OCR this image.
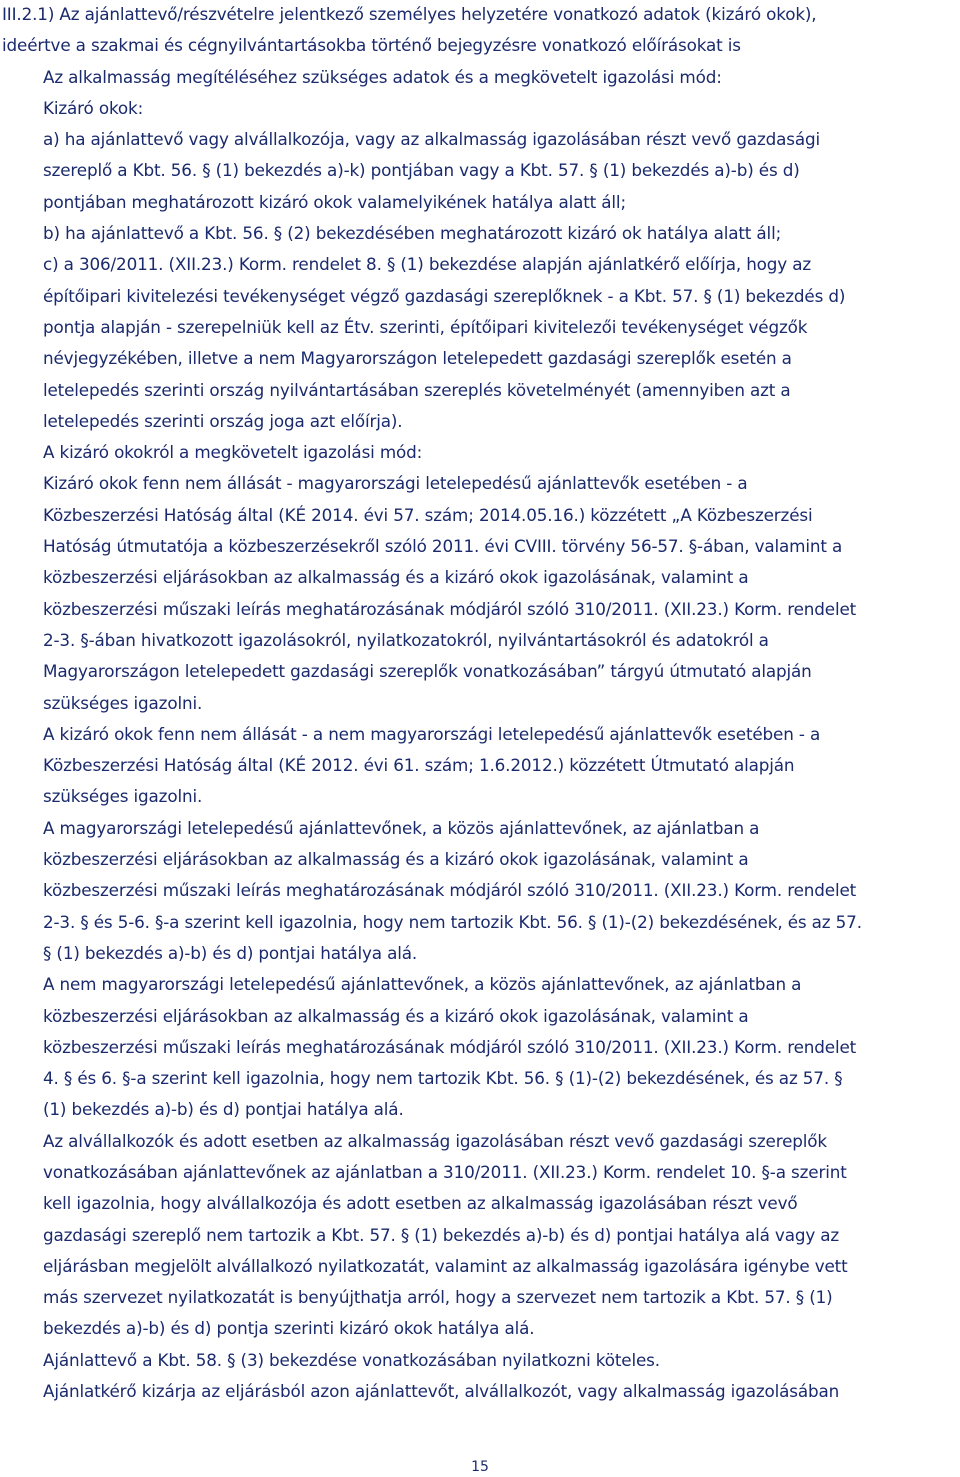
III.2.1) Az ajánlattevő/részvételre jelentkező személyes helyzetére vonatkozó adatok (kizáró okok),

ideértve a szakmai és cégnyilvántartásokba történő bejegyzésre vonatkozó előírásokat is

Az alkalmasság megítéléséhez szükséges adatok és a megkövetelt igazolási mód:

Kizáró okok:

a) ha ajánlattevő vagy alvállalkozója, vagy az alkalmasság igazolásában részt vevő gazdasági

szereplő a Kbt. 56. § (1) bekezdés a)-k) pontjában vagy a Kbt. 57. § (1) bekezdés a)-b) és d)

pontjában meghatározott kizáró okok valamelyikének hatálya alatt áll;

b) ha ajánlattevő a Kbt. 56. § (2) bekezdésében meghatározott kizáró ok hatálya alatt áll;

c) a 306/2011. (XII.23.) Korm. rendelet 8. § (1) bekezdése alapján ajánlatkérő előírja, hogy az

építőipari kivitelezési tevékenységet végző gazdasági szereplőknek - a Kbt. 57. § (1) bekezdés d)

pontja alapján - szerepelniük kell az Étv. szerinti, építőipari kivitelezői tevékenységet végzők

névjegyzékében, illetve a nem Magyarországon letelepedett gazdasági szereplők esetén a

letelepedés szerinti ország nyilvántartásában szereplés követelményét (amennyiben azt a

letelepedés szerinti ország joga azt előírja).

A kizáró okokról a megkövetelt igazolási mód:

Kizáró okok fenn nem állását - magyarországi letelepedésű ajánlattevők esetében - a

Közbeszerzési Hatóság által (KÉ 2014. évi 57. szám; 2014.05.16.) közzétett „A Közbeszerzési

Hatóság útmutatója a közbeszerzésekről szóló 2011. évi CVIII. törvény 56-57. §-ában, valamint a

közbeszerzési eljárásokban az alkalmasság és a kizáró okok igazolásának, valamint a

közbeszerzési műszaki leírás meghatározásának módjáról szóló 310/2011. (XII.23.) Korm. rendelet

2-3. §-ában hivatkozott igazolásokról, nyilatkozatokról, nyilvántartásokról és adatokról a

Magyarországon letelepedett gazdasági szereplők vonatkozásában” tárgyú útmutató alapján

szükséges igazolni.

A kizáró okok fenn nem állását - a nem magyarországi letelepedésű ajánlattevők esetében - a

Közbeszerzési Hatóság által (KÉ 2012. évi 61. szám; 1.6.2012.) közzétett Útmutató alapján

szükséges igazolni.

A magyarországi letelepedésű ajánlattevőnek, a közös ajánlattevőnek, az ajánlatban a

közbeszerzési eljárásokban az alkalmasság és a kizáró okok igazolásának, valamint a

közbeszerzési műszaki leírás meghatározásának módjáról szóló 310/2011. (XII.23.) Korm. rendelet

2-3. § és 5-6. §-a szerint kell igazolnia, hogy nem tartozik Kbt. 56. § (1)-(2) bekezdésének, és az 57.

§ (1) bekezdés a)-b) és d) pontjai hatálya alá.

A nem magyarországi letelepedésű ajánlattevőnek, a közös ajánlattevőnek, az ajánlatban a

közbeszerzési eljárásokban az alkalmasság és a kizáró okok igazolásának, valamint a

közbeszerzési műszaki leírás meghatározásának módjáról szóló 310/2011. (XII.23.) Korm. rendelet

4. § és 6. §-a szerint kell igazolnia, hogy nem tartozik Kbt. 56. § (1)-(2) bekezdésének, és az 57. §

(1) bekezdés a)-b) és d) pontjai hatálya alá.

Az alvállalkozók és adott esetben az alkalmasság igazolásában részt vevő gazdasági szereplők

vonatkozásában ajánlattevőnek az ajánlatban a 310/2011. (XII.23.) Korm. rendelet 10. §-a szerint

kell igazolnia, hogy alvállalkozója és adott esetben az alkalmasság igazolásában részt vevő

gazdasági szereplő nem tartozik a Kbt. 57. § (1) bekezdés a)-b) és d) pontjai hatálya alá vagy az

eljárásban megjelölt alvállalkozó nyilatkozatát, valamint az alkalmasság igazolására igénybe vett

más szervezet nyilatkozatát is benyújthatja arról, hogy a szervezet nem tartozik a Kbt. 57. § (1)

bekezdés a)-b) és d) pontja szerinti kizáró okok hatálya alá.

Ajánlattevő a Kbt. 58. § (3) bekezdése vonatkozásában nyilatkozni köteles.

Ajánlatkérő kizárja az eljárásból azon ajánlattevőt, alvállalkozót, vagy alkalmasság igazolásában

15
